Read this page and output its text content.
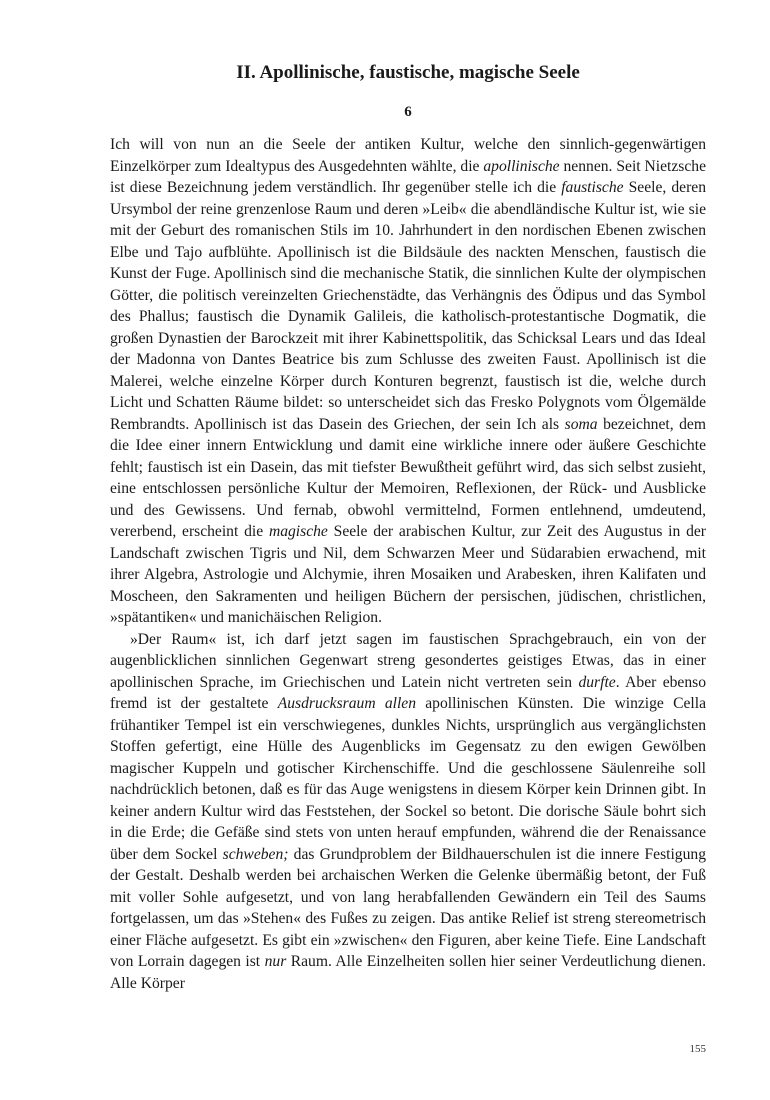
II. Apollinische, faustische, magische Seele
6

Ich will von nun an die Seele der antiken Kultur, welche den sinnlich-gegenwärtigen Einzelkörper zum Idealtypus des Ausgedehnten wählte, die apollinische nennen. Seit Nietzsche ist diese Bezeichnung jedem verständlich. Ihr gegenüber stelle ich die faustische Seele, deren Ursymbol der reine grenzenlose Raum und deren »Leib« die abendländische Kultur ist, wie sie mit der Geburt des romanischen Stils im 10. Jahrhundert in den nordischen Ebenen zwischen Elbe und Tajo aufblühte. Apollinisch ist die Bildsäule des nackten Menschen, faustisch die Kunst der Fuge. Apollinisch sind die mechanische Statik, die sinnlichen Kulte der olympischen Götter, die politisch vereinzelten Griechenstädte, das Verhängnis des Ödipus und das Symbol des Phallus; faustisch die Dynamik Galileis, die katholisch-protestantische Dogmatik, die großen Dynastien der Barockzeit mit ihrer Kabinettspolitik, das Schicksal Lears und das Ideal der Madonna von Dantes Beatrice bis zum Schlusse des zweiten Faust. Apollinisch ist die Malerei, welche einzelne Körper durch Konturen begrenzt, faustisch ist die, welche durch Licht und Schatten Räume bildet: so unterscheidet sich das Fresko Polygnots vom Ölgemälde Rembrandts. Apollinisch ist das Dasein des Griechen, der sein Ich als soma bezeichnet, dem die Idee einer innern Entwicklung und damit eine wirkliche innere oder äußere Geschichte fehlt; faustisch ist ein Dasein, das mit tiefster Bewußtheit geführt wird, das sich selbst zusieht, eine entschlossen persönliche Kultur der Memoiren, Reflexionen, der Rück- und Ausblicke und des Gewissens. Und fernab, obwohl vermittelnd, Formen entlehnend, umdeutend, vererbend, erscheint die magische Seele der arabischen Kultur, zur Zeit des Augustus in der Landschaft zwischen Tigris und Nil, dem Schwarzen Meer und Südarabien erwachend, mit ihrer Algebra, Astrologie und Alchymie, ihren Mosaiken und Arabesken, ihren Kalifaten und Moscheen, den Sakramenten und heiligen Büchern der persischen, jüdischen, christlichen, »spätantiken« und manichäischen Religion.

»Der Raum« ist, ich darf jetzt sagen im faustischen Sprachgebrauch, ein von der augenblicklichen sinnlichen Gegenwart streng gesondertes geistiges Etwas, das in einer apollinischen Sprache, im Griechischen und Latein nicht vertreten sein durfte. Aber ebenso fremd ist der gestaltete Ausdrucksraum allen apollinischen Künsten. Die winzige Cella frühantiker Tempel ist ein verschwiegenes, dunkles Nichts, ursprünglich aus vergänglichsten Stoffen gefertigt, eine Hülle des Augenblicks im Gegensatz zu den ewigen Gewölben magischer Kuppeln und gotischer Kirchenschiffe. Und die geschlossene Säulenreihe soll nachdrücklich betonen, daß es für das Auge wenigstens in diesem Körper kein Drinnen gibt. In keiner andern Kultur wird das Feststehen, der Sockel so betont. Die dorische Säule bohrt sich in die Erde; die Gefäße sind stets von unten herauf empfunden, während die der Renaissance über dem Sockel schweben; das Grundproblem der Bildhauerschulen ist die innere Festigung der Gestalt. Deshalb werden bei archaischen Werken die Gelenke übermäßig betont, der Fuß mit voller Sohle aufgesetzt, und von lang herabfallenden Gewändern ein Teil des Saums fortgelassen, um das »Stehen« des Fußes zu zeigen. Das antike Relief ist streng stereometrisch einer Fläche aufgesetzt. Es gibt ein »zwischen« den Figuren, aber keine Tiefe. Eine Landschaft von Lorrain dagegen ist nur Raum. Alle Einzelheiten sollen hier seiner Verdeutlichung dienen. Alle Körper

155
